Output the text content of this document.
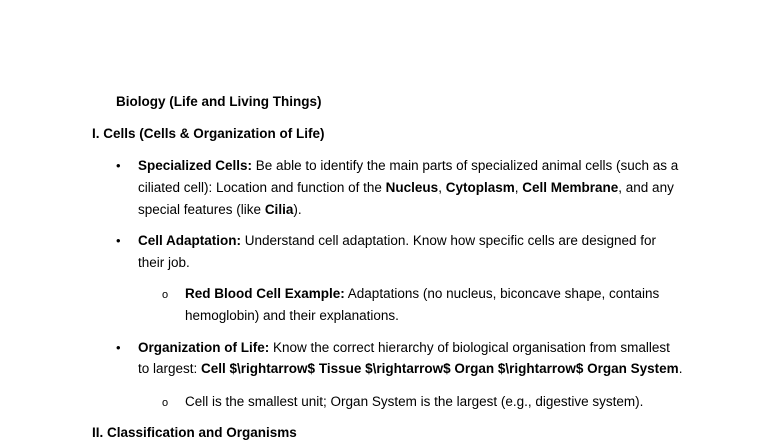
Biology (Life and Living Things)
I. Cells (Cells & Organization of Life)
• Specialized Cells: Be able to identify the main parts of specialized animal cells (such as a
ciliated cell): Location and function of the Nucleus, Cytoplasm, Cell Membrane, and any
special features (like Cilia).
• Cell Adaptation: Understand cell adaptation. Know how specific cells are designed for
their job.
o Red Blood Cell Example: Adaptations (no nucleus, biconcave shape, contains
hemoglobin) and their explanations.
• Organization of Life: Know the correct hierarchy of biological organisation from smallest
to largest: Cell $\rightarrow$ Tissue $\rightarrow$ Organ $\rightarrow$ Organ System.
o Cell is the smallest unit; Organ System is the largest (e.g., digestive system).
II. Classification and Organisms
